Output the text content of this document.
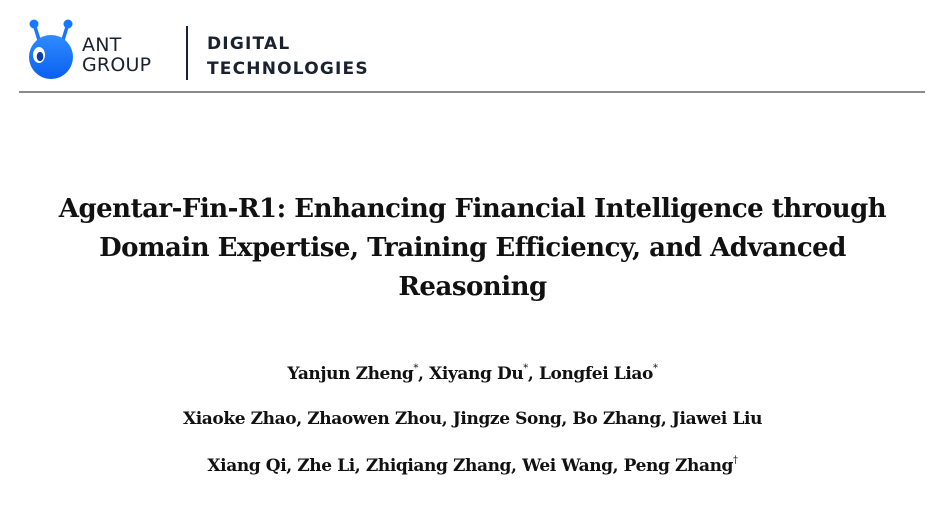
ANT
GROUP
DIGITAL
TECHNOLOGIES
Agentar-Fin-R1: Enhancing Financial Intelligence through Domain Expertise, Training Efficiency, and Advanced Reasoning
Yanjun Zheng*, Xiyang Du*, Longfei Liao*
Xiaoke Zhao, Zhaowen Zhou, Jingze Song, Bo Zhang, Jiawei Liu
Xiang Qi, Zhe Li, Zhiqiang Zhang, Wei Wang, Peng Zhang†
